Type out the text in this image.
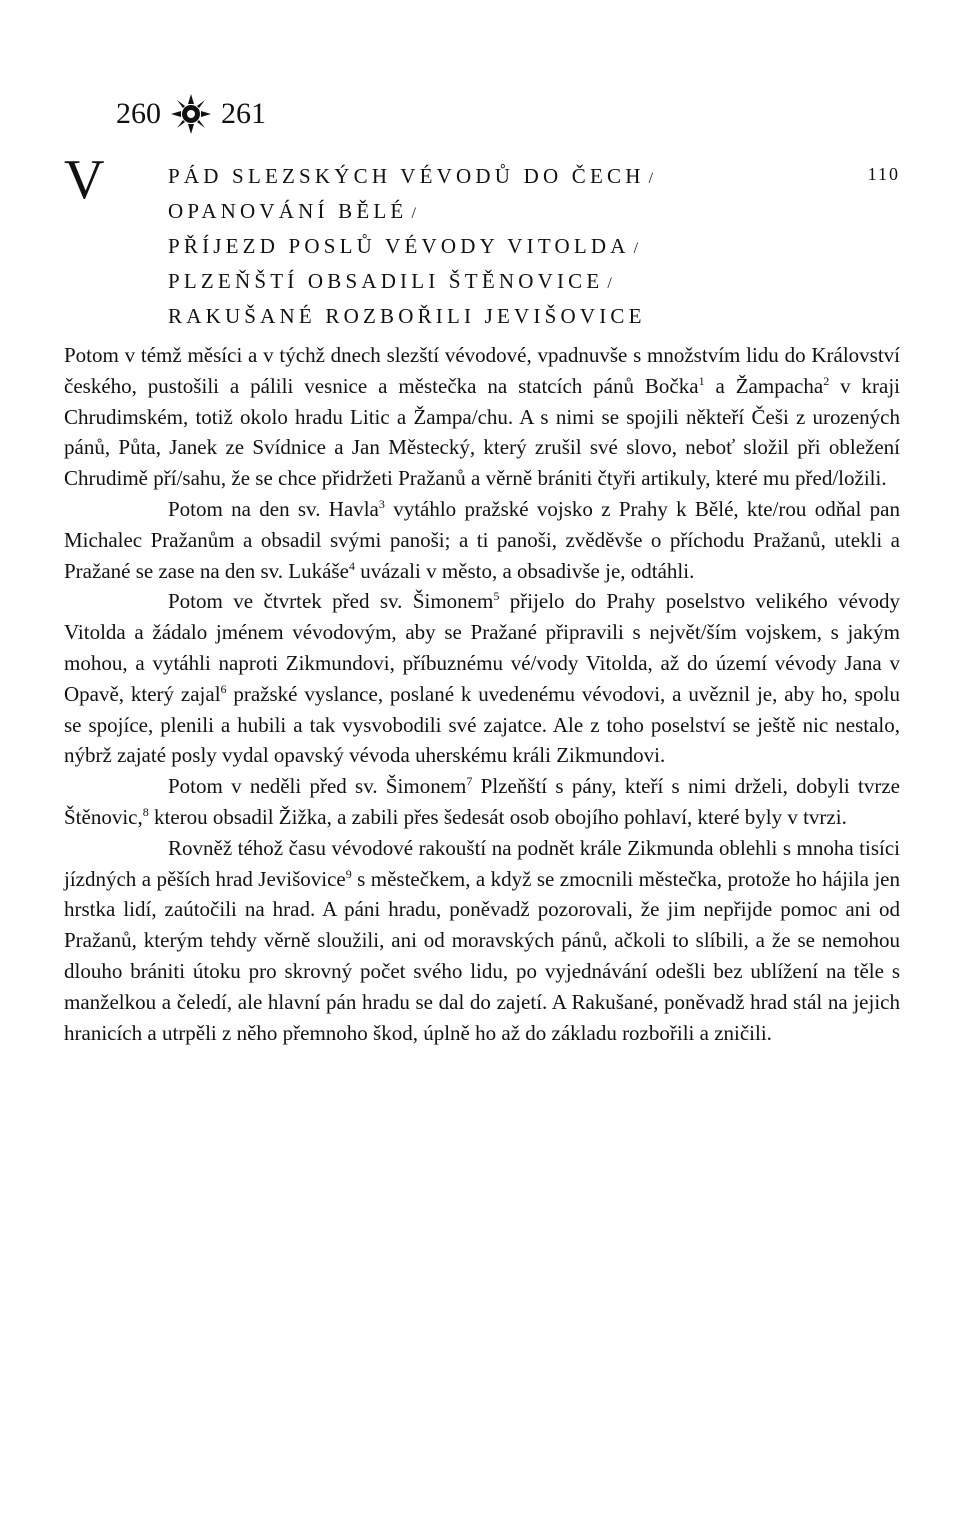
260 261
110
V	PÁD SLEZSKÝCH VÉVODŮ DO ČECH /
OPANOVÁNÍ BĚLÉ /
PŘÍJEZD POSLŮ VÉVODY VITOLDA /
PLZEŇŠTÍ OBSADILI ŠTĚNOVICE /
RAKUŠANÉ ROZBOŘILI JEVIŠOVICE

Potom v témž měsíci a v týchž dnech slezští vévodové, vpadnuvše s množstvím lidu do Království českého, pustošili a pálili vesnice a městečka na statcích pánů Bočka$^1$ a Žampacha$^2$ v kraji Chrudimském, totiž okolo hradu Litic a Žampa/chu. A s nimi se spojili někteří Češi z urozených pánů, Půta, Janek ze Svídnice a Jan Městecký, který zrušil své slovo, neboť složil při obležení Chrudimě pří/sahu, že se chce přidržeti Pražanů a věrně brániti čtyři artikuly, které mu před/ložili.

Potom na den sv. Havla$^3$ vytáhlo pražské vojsko z Prahy k Bělé, kte/rou odňal pan Michalec Pražanům a obsadil svými panoši; a ti panoši, zvěděvše o příchodu Pražanů, utekli a Pražané se zase na den sv. Lukáše$^4$ uvázali v město, a obsadivše je, odtáhli.

Potom ve čtvrtek před sv. Šimonem$^5$ přijelo do Prahy poselstvo velikého vévody Vitolda a žádalo jménem vévodovým, aby se Pražané připravili s největ/ším vojskem, s jakým mohou, a vytáhli naproti Zikmundovi, příbuznému vé/vody Vitolda, až do území vévody Jana v Opavě, který zajal$^6$ pražské vyslance, poslané k uvedenému vévodovi, a uvěznil je, aby ho, spolu se spojíce, plenili a hubili a tak vysvobodili své zajatce. Ale z toho poselství se ještě nic nestalo, nýbrž zajaté posly vydal opavský vévoda uherskému králi Zikmundovi.

Potom v neděli před sv. Šimonem$^7$ Plzeňští s pány, kteří s nimi drželi, dobyli tvrze Štěnovic,$^8$ kterou obsadil Žižka, a zabili přes šedesát osob obojího pohlaví, které byly v tvrzi.

Rovněž téhož času vévodové rakouští na podnět krále Zikmunda oblehli s mnoha tisíci jízdných a pěších hrad Jevišovice$^9$ s městečkem, a když se zmocnili městečka, protože ho hájila jen hrstka lidí, zaútočili na hrad. A páni hradu, poněvadž pozorovali, že jim nepřijde pomoc ani od Pražanů, kterým tehdy věrně sloužili, ani od moravských pánů, ačkoli to slíbili, a že se nemohou dlouho brániti útoku pro skrovný počet svého lidu, po vyjednávání odešli bez ublížení na těle s manželkou a čeledí, ale hlavní pán hradu se dal do zajetí. A Rakušané, poněvadž hrad stál na jejich hranicích a utrpěli z něho přemnoho škod, úplně ho až do základu rozbořili a zničili.
